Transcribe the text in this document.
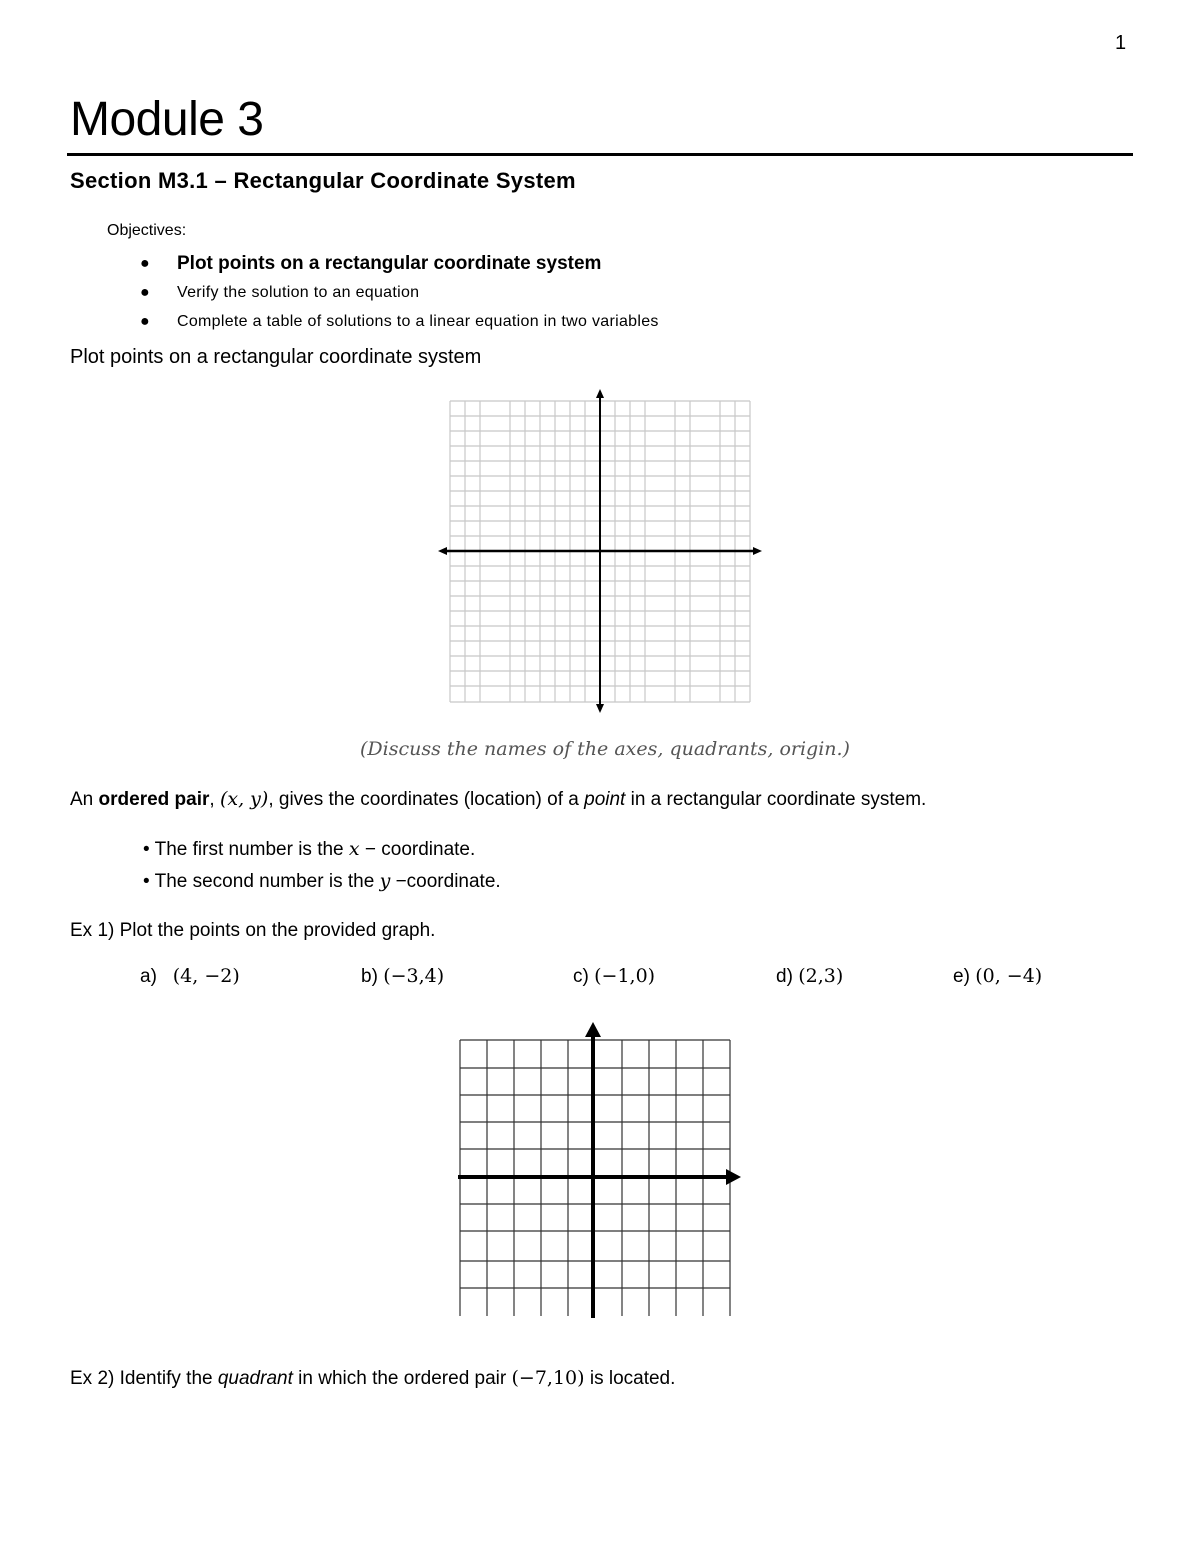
1
Module 3
Section M3.1 – Rectangular Coordinate System
Objectives:
● Plot points on a rectangular coordinate system
● Verify the solution to an equation
● Complete a table of solutions to a linear equation in two variables
Plot points on a rectangular coordinate system
(Discuss the names of the axes, quadrants, origin.)
An ordered pair, (x, y), gives the coordinates (location) of a point in a rectangular coordinate system.
• The first number is the x − coordinate.
• The second number is the y −coordinate.
Ex 1) Plot the points on the provided graph.
a) (4, −2)	b) (−3,4)	c) (−1,0)	d) (2,3)	e) (0, −4)
Ex 2) Identify the quadrant in which the ordered pair (−7,10) is located.
